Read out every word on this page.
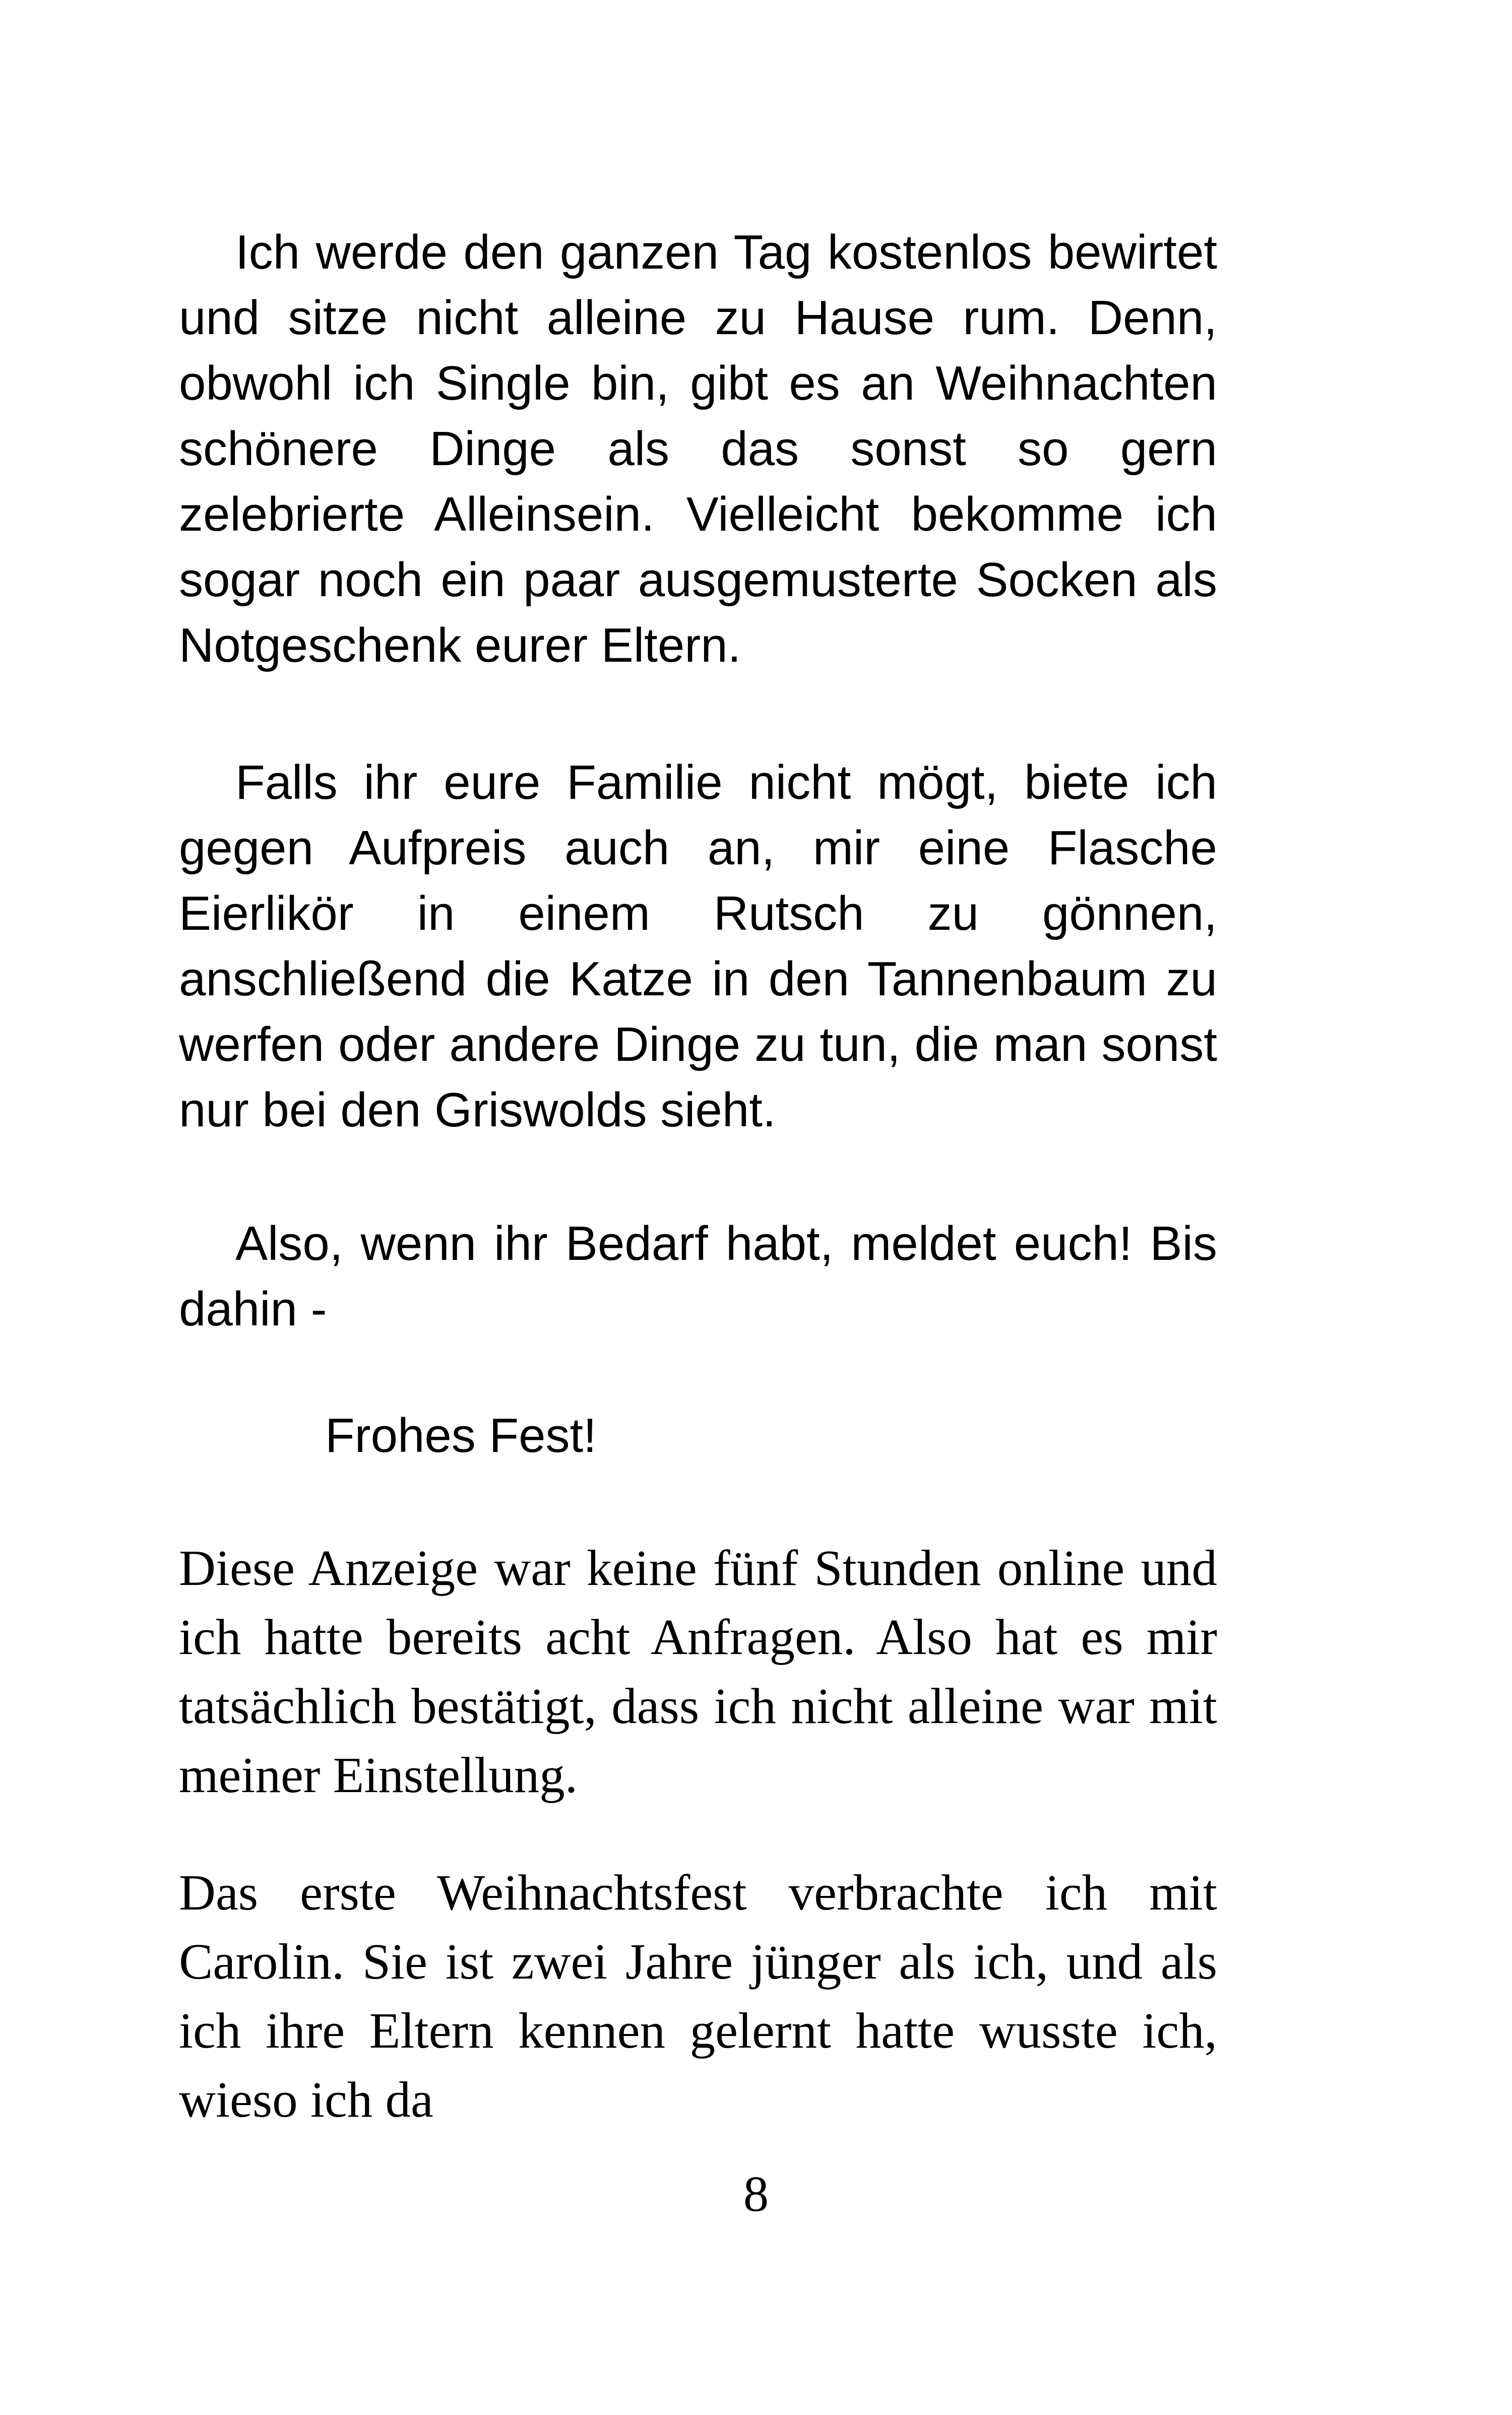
Ich werde den ganzen Tag kostenlos bewirtet und sitze nicht alleine zu Hause rum. Denn, obwohl ich Single bin, gibt es an Weihnachten schönere Dinge als das sonst so gern zelebrierte Alleinsein. Vielleicht bekomme ich sogar noch ein paar ausgemusterte Socken als Notgeschenk eurer Eltern.

Falls ihr eure Familie nicht mögt, biete ich gegen Aufpreis auch an, mir eine Flasche Eierlikör in einem Rutsch zu gönnen, anschließend die Katze in den Tannenbaum zu werfen oder andere Dinge zu tun, die man sonst nur bei den Griswolds sieht.

Also, wenn ihr Bedarf habt, meldet euch! Bis dahin -

Frohes Fest!

Diese Anzeige war keine fünf Stunden online und ich hatte bereits acht Anfragen. Also hat es mir tatsächlich bestätigt, dass ich nicht alleine war mit meiner Einstellung.

Das erste Weihnachtsfest verbrachte ich mit Carolin. Sie ist zwei Jahre jünger als ich, und als ich ihre Eltern kennen gelernt hatte wusste ich, wieso ich da

8
